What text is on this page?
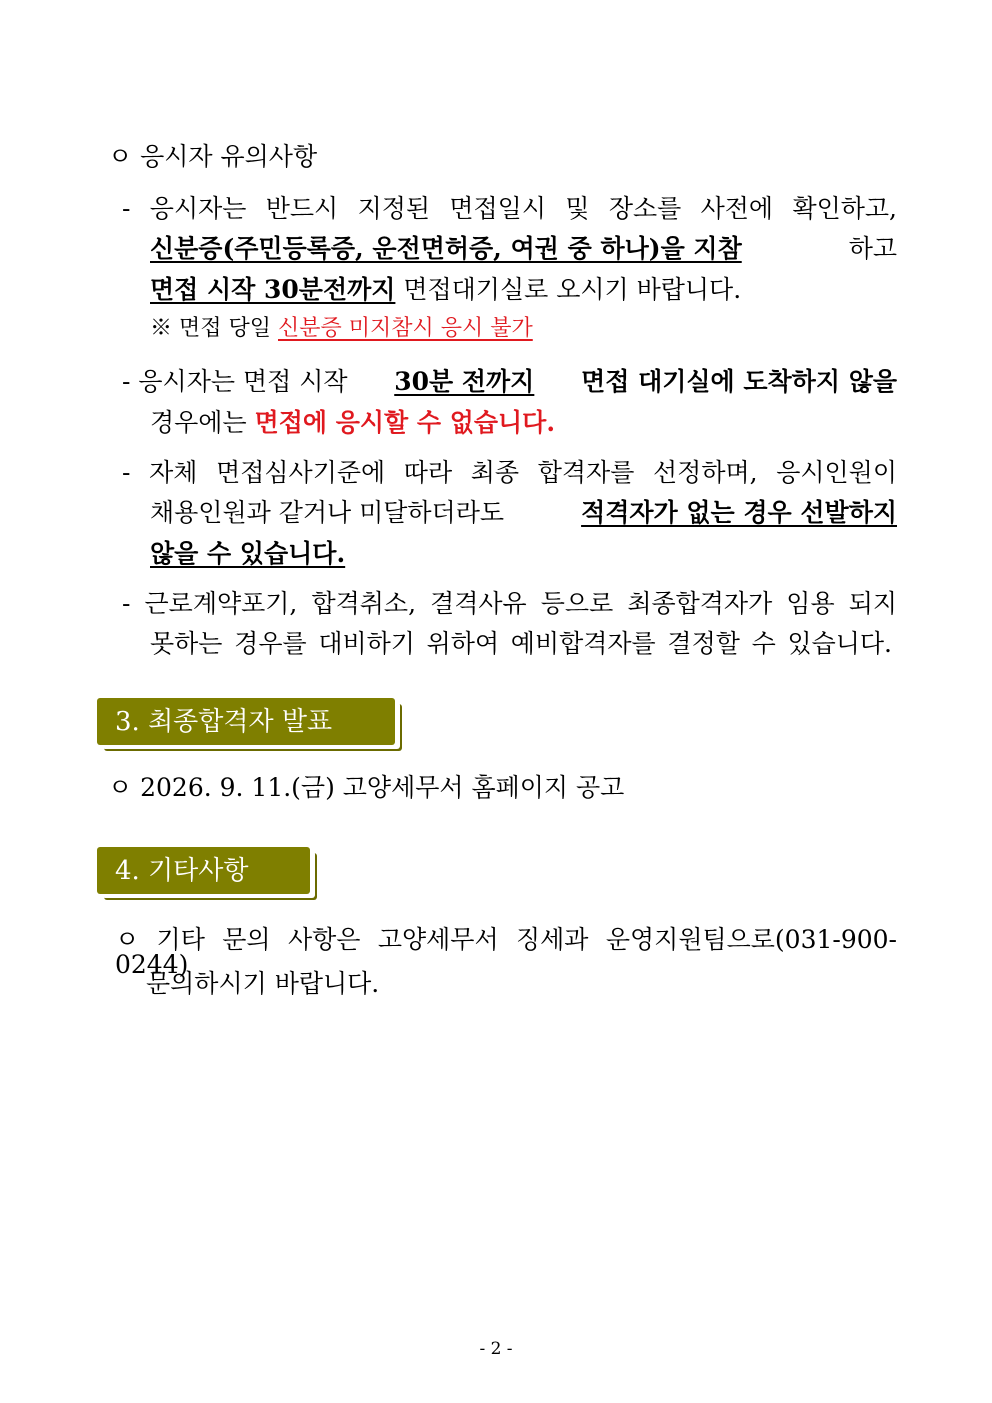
ㅇ 응시자 유의사항
- 응시자는 반드시 지정된 면접일시 및 장소를 사전에 확인하고,
신분증(주민등록증, 운전면허증, 여권 중 하나)을 지참	하고
면접 시작 30분전까지 면접대기실로 오시기 바랍니다.
※ 면접 당일 신분증 미지참시 응시 불가
- 응시자는 면접 시작 30분 전까지 면접 대기실에 도착하지 않을
경우에는 면접에 응시할 수 없습니다.
- 자체 면접심사기준에 따라 최종 합격자를 선정하며, 응시인원이
채용인원과 같거나 미달하더라도	적격자가 없는 경우 선발하지
않을 수 있습니다.
- 근로계약포기, 합격취소, 결격사유 등으로 최종합격자가 임용 되지
못하는 경우를 대비하기 위하여 예비합격자를 결정할 수 있습니다.
3. 최종합격자 발표
ㅇ 2026. 9. 11.(금) 고양세무서 홈페이지 공고
4. 기타사항
ㅇ 기타 문의 사항은 고양세무서 징세과 운영지원팀으로(031-900-0244)
문의하시기 바랍니다.
- 2 -
